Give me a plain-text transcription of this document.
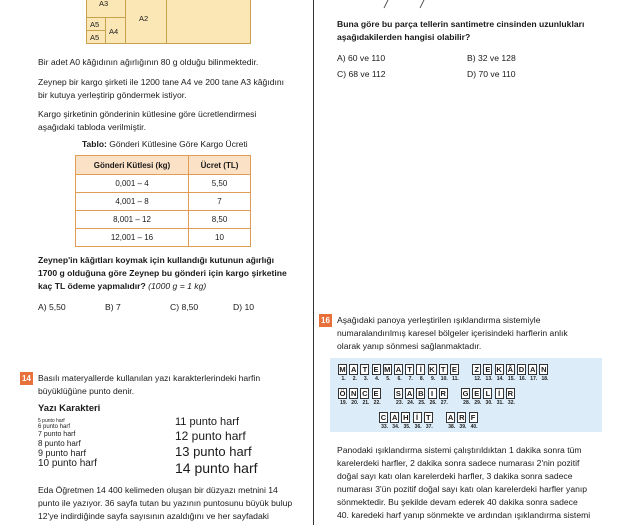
A2
A3
A4
A5
A5
Bir adet A0 kâğıdının ağırlığının 80 g olduğu bilinmektedir.
Zeynep bir kargo şirketi ile 1200 tane A4 ve 200 tane A3 kâğıdını
bir kutuya yerleştirip göndermek istiyor.
Kargo şirketinin gönderinin kütlesine göre ücretlendirmesi
aşağıdaki tabloda verilmiştir.
Tablo: Gönderi Kütlesine Göre Kargo Ücreti
Gönderi Kütlesi (kg)	Ücret (TL)
0,001 – 4	5,50
4,001 – 8	7
8,001 – 12	8,50
12,001 – 16	10
Zeynep'in kâğıtları koymak için kullandığı kutunun ağırlığı
1700 g olduğuna göre Zeynep bu gönderi için kargo şirketine
kaç TL ödeme yapmalıdır? (1000 g = 1 kg)
A) 5,50	B) 7	C) 8,50	D) 10
14 Basılı materyallerde kullanılan yazı karakterlerindeki harfin
büyüklüğüne punto denir.
Yazı Karakteri
5 punto harf
6 punto harf
7 punto harf
8 punto harf
9 punto harf
10 punto harf
11 punto harf
12 punto harf
13 punto harf
14 punto harf
Eda Öğretmen 14 400 kelimeden oluşan bir düzyazı metnini 14
punto ile yazıyor. 36 sayfa tutan bu yazının puntosunu büyük bulup
12'ye indirdiğinde sayfa sayısının azaldığını ve her sayfadaki
Buna göre bu parça tellerin santimetre cinsinden uzunlukları
aşağıdakilerden hangisi olabilir?
A) 60 ve 110	B) 32 ve 128
C) 68 ve 112	D) 70 ve 110
16 Aşağıdaki panoya yerleştirilen ışıklandırma sistemiyle
numaralandırılmış karesel bölgeler içerisindeki harflerin anlık
olarak yanıp sönmesi sağlanmaktadır.
M A T E M A T	İ K T E Z E K Â D A N
1.	2.	3.	4.	5.	6.	7.	8.	9.	10. 11.	12. 13. 14. 15. 16. 17. 18.
Ö N C E S A B I R G E L	İ R
19. 20. 21. 22.	23. 24. 25. 26. 27.	28. 29. 30. 31. 32.
C A H İ	T A R F
33. 34. 35. 36. 37.	38. 39. 40.
Panodaki ışıklandırma sistemi çalıştırıldıktan 1 dakika sonra tüm
karelerdeki harfler, 2 dakika sonra sadece numarası 2'nin pozitif
doğal sayı katı olan karelerdeki harfler, 3 dakika sonra sadece
numarası 3'ün pozitif doğal sayı katı olan karelerdeki harfler yanıp
sönmektedir. Bu şekilde devam ederek 40 dakika sonra sadece
40. karedeki harf yanıp sönmekte ve ardından ışıklandırma sistemi
